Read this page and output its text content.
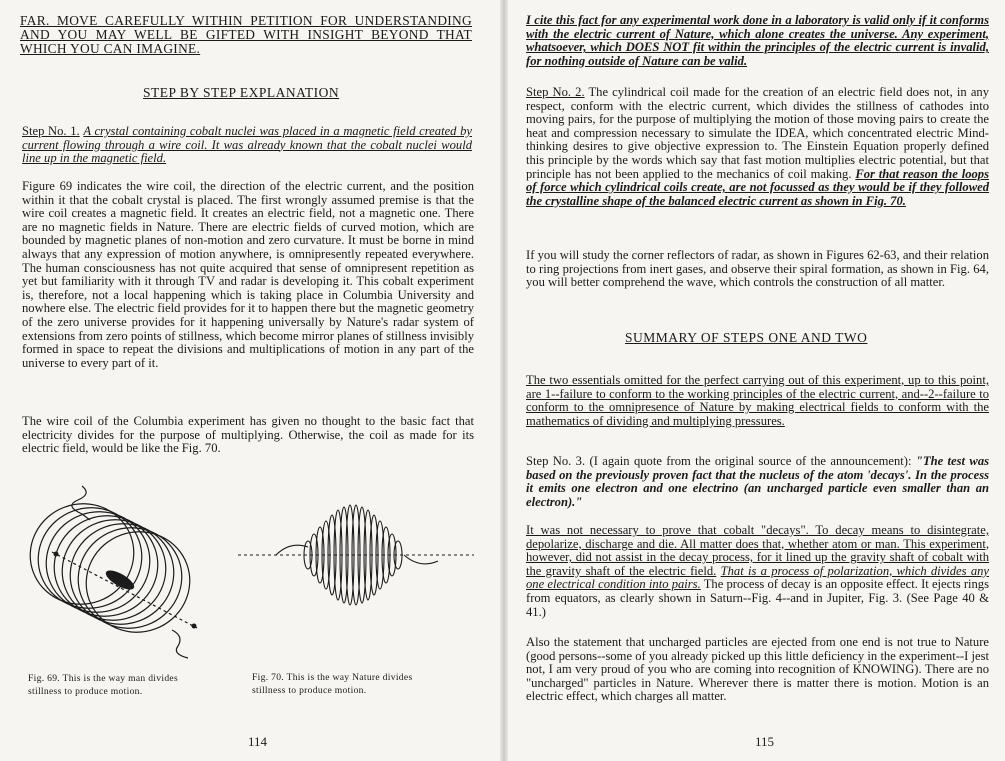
FAR. MOVE CAREFULLY WITHIN PETITION FOR UNDERSTANDING AND YOU MAY WELL BE GIFTED WITH INSIGHT BEYOND THAT WHICH YOU CAN IMAGINE.

STEP BY STEP EXPLANATION

Step No. 1. A crystal containing cobalt nuclei was placed in a magnetic field created by current flowing through a wire coil. It was already known that the cobalt nuclei would line up in the magnetic field.

Figure 69 indicates the wire coil, the direction of the electric current, and the position within it that the cobalt crystal is placed. The first wrongly assumed premise is that the wire coil creates a magnetic field. It creates an electric field, not a magnetic one. There are no magnetic fields in Nature. There are electric fields of curved motion, which are bounded by magnetic planes of non-motion and zero curvature. It must be borne in mind always that any expression of motion anywhere, is omnipresently repeated everywhere. The human consciousness has not quite acquired that sense of omnipresent repetition as yet but familiarity with it through TV and radar is developing it. This cobalt experiment is, therefore, not a local happening which is taking place in Columbia University and nowhere else. The electric field provides for it to happen there but the magnetic geometry of the zero universe provides for it happening universally by Nature's radar system of extensions from zero points of stillness, which become mirror planes of stillness invisibly formed in space to repeat the divisions and multiplications of motion in any part of the universe to every part of it.

The wire coil of the Columbia experiment has given no thought to the basic fact that electricity divides for the purpose of multiplying. Otherwise, the coil as made for its electric field, would be like the Fig. 70.

Fig. 69. This is the way man divides stillness to produce motion.
Fig. 70. This is the way Nature divides stillness to produce motion.
114

I cite this fact for any experimental work done in a laboratory is valid only if it conforms with the electric current of Nature, which alone creates the universe. Any experiment, whatsoever, which DOES NOT fit within the principles of the electric current is invalid, for nothing outside of Nature can be valid.

Step No. 2. The cylindrical coil made for the creation of an electric field does not, in any respect, conform with the electric current, which divides the stillness of cathodes into moving pairs, for the purpose of multiplying the motion of those moving pairs to create the heat and compression necessary to simulate the IDEA, which concentrated electric Mind-thinking desires to give objective expression to. The Einstein Equation properly defined this principle by the words which say that fast motion multiplies electric potential, but that principle has not been applied to the mechanics of coil making. For that reason the loops of force which cylindrical coils create, are not focussed as they would be if they followed the crystalline shape of the balanced electric current as shown in Fig. 70.

If you will study the corner reflectors of radar, as shown in Figures 62-63, and their relation to ring projections from inert gases, and observe their spiral formation, as shown in Fig. 64, you will better comprehend the wave, which controls the construction of all matter.

SUMMARY OF STEPS ONE AND TWO

The two essentials omitted for the perfect carrying out of this experiment, up to this point, are 1--failure to conform to the working principles of the electric current, and--2--failure to conform to the omnipresence of Nature by making electrical fields to conform with the mathematics of dividing and multiplying pressures.

Step No. 3. (I again quote from the original source of the announcement): "The test was based on the previously proven fact that the nucleus of the atom 'decays'. In the process it emits one electron and one electrino (an uncharged particle even smaller than an electron)."

It was not necessary to prove that cobalt "decays". To decay means to disintegrate, depolarize, discharge and die. All matter does that, whether atom or man. This experiment, however, did not assist in the decay process, for it lined up the gravity shaft of cobalt with the gravity shaft of the electric field. That is a process of polarization, which divides any one electrical condition into pairs. The process of decay is an opposite effect. It ejects rings from equators, as clearly shown in Saturn--Fig. 4--and in Jupiter, Fig. 3. (See Page 40 & 41.)

Also the statement that uncharged particles are ejected from one end is not true to Nature (good persons--some of you already picked up this little deficiency in the experiment--I jest not, I am very proud of you who are coming into recognition of KNOWING). There are no "uncharged" particles in Nature. Wherever there is matter there is motion. Motion is an electric effect, which charges all matter.

115
